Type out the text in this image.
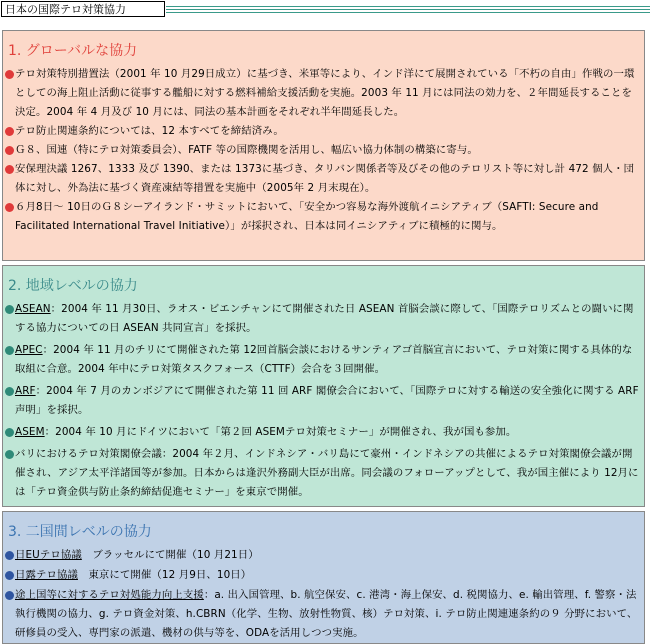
日本の国際テロ対策協力
1. グローバルな協力
テロ対策特別措置法（2001 年 10 月29日成立）に基づき、米軍等により、インド洋にて展開されている「不朽の自由」作戦の一環としての海上阻止活動に従事する艦船に対する燃料補給支援活動を実施。2003 年 11 月には同法の効力を、２年間延長することを決定。2004 年 4 月及び 10 月には、同法の基本計画をそれぞれ半年間延長した。
テロ防止関連条約については、12 本すべてを締結済み。
Ｇ８、国連（特にテロ対策委員会）、FATF 等の国際機関を活用し、幅広い協力体制の構築に寄与。
安保理決議 1267、1333 及び 1390、または 1373に基づき、タリバン関係者等及びその他のテロリスト等に対し計 472 個人・団体に対し、外為法に基づく資産凍結等措置を実施中（2005年 2 月末現在）。
６月8日～ 10日のＧ８シーアイランド・サミットにおいて、「安全かつ容易な海外渡航イニシアティブ（SAFTI: Secure and Facilitated International Travel Initiative）」が採択され、日本は同イニシアティブに積極的に関与。
2. 地域レベルの協力
ASEAN：2004 年 11 月30日、ラオス・ビエンチャンにて開催された日 ASEAN 首脳会談に際して、「国際テロリズムとの闘いに関する協力についての日 ASEAN 共同宣言」を採択。
APEC：2004 年 11 月のチリにて開催された第 12回首脳会談におけるサンティアゴ首脳宣言において、テロ対策に関する具体的な取組に合意。2004 年中にテロ対策タスクフォース（CTTF）会合を３回開催。
ARF：2004 年 7 月のカンボジアにて開催された第 11 回 ARF 閣僚会合において、「国際テロに対する輸送の安全強化に関する ARF 声明」を採択。
ASEM：2004 年 10 月にドイツにおいて「第２回 ASEMテロ対策セミナー」が開催され、我が国も参加。
バリにおけるテロ対策閣僚会議：2004 年２月、インドネシア・バリ島にて豪州・インドネシアの共催によるテロ対策閣僚会議が開催され、アジア太平洋諸国等が参加。日本からは逢沢外務副大臣が出席。同会議のフォローアップとして、我が国主催により 12月には「テロ資金供与防止条約締結促進セミナー」を東京で開催。
3. 二国間レベルの協力
日EUテロ協議　ブラッセルにて開催（10 月21日）
日露テロ協議　東京にて開催（12 月9日、10日）
途上国等に対するテロ対処能力向上支援：a. 出入国管理、b. 航空保安、c. 港湾・海上保安、d. 税関協力、e. 輸出管理、f. 警察・法執行機関の協力、g. テロ資金対策、h.CBRN（化学、生物、放射性物質、核）テロ対策、i. テロ防止関連連条約の９ 分野において、研修員の受入、専門家の派遣、機材の供与等を、ODAを活用しつつ実施。
